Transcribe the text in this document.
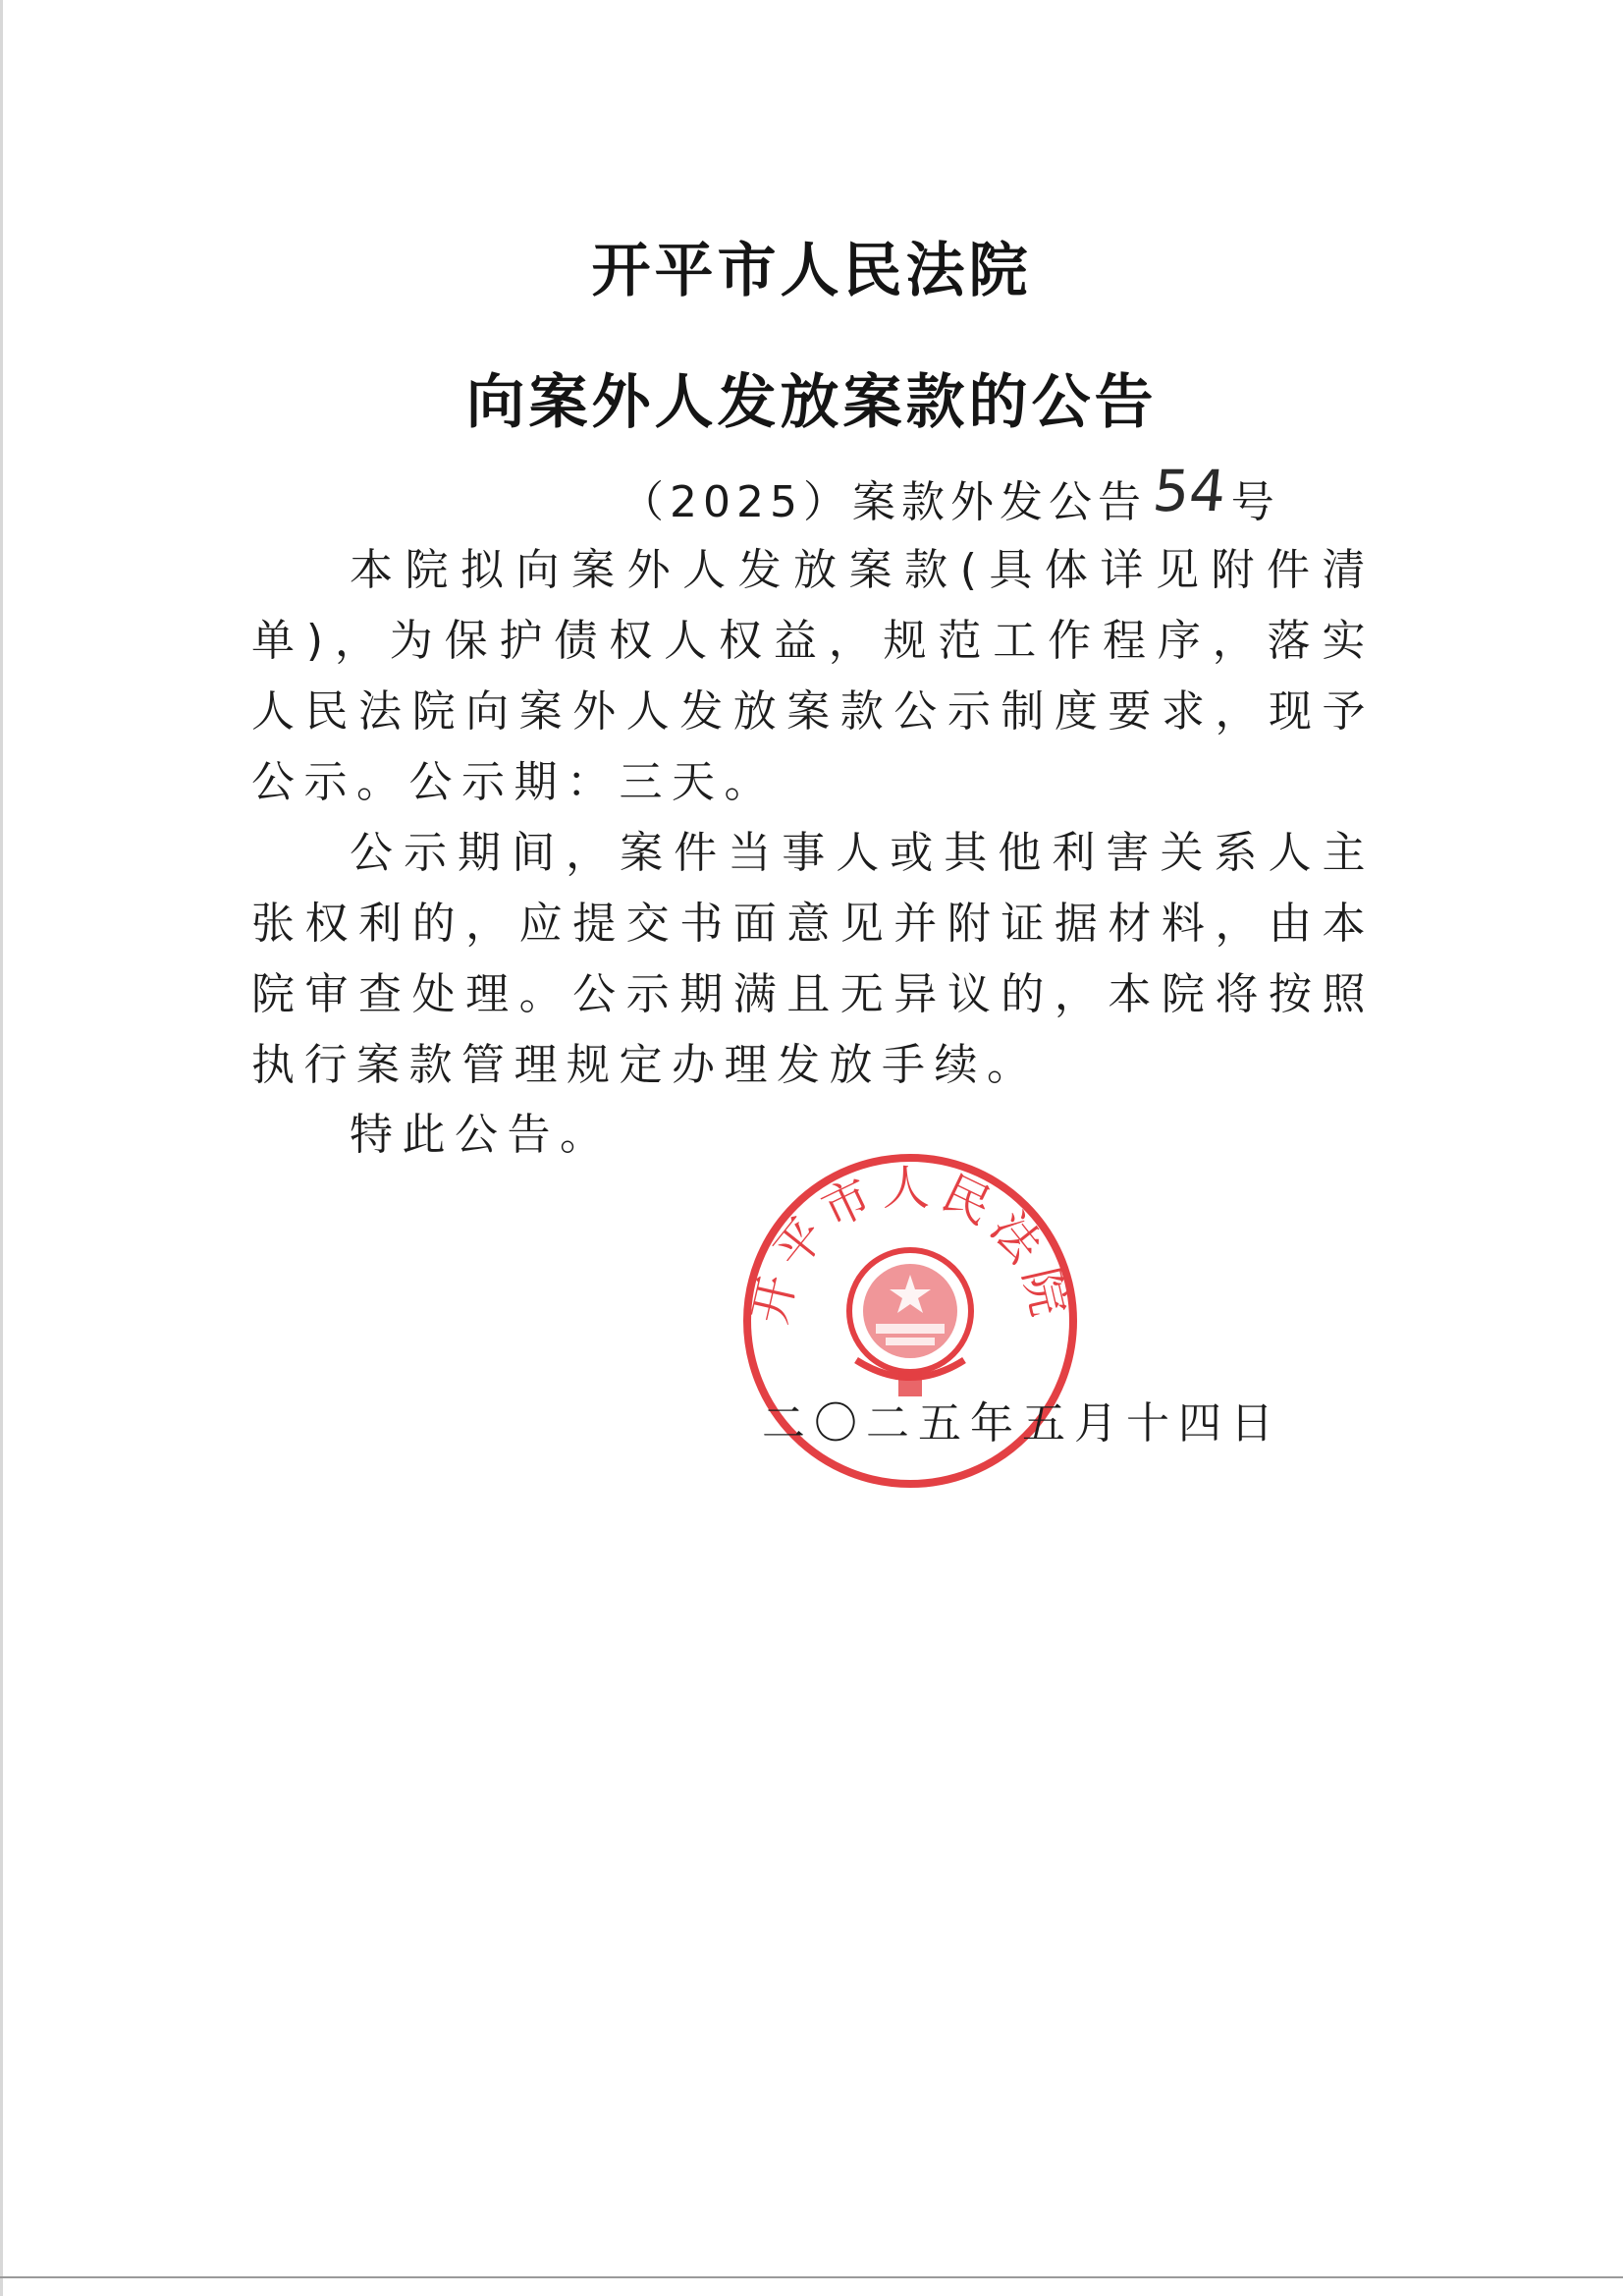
开平市人民法院
向案外人发放案款的公告
（2025）案款外发公告54号

本院拟向案外人发放案款(具体详见附件清单)，为保护债权人权益，规范工作程序，落实人民法院向案外人发放案款公示制度要求，现予公示。公示期：三天。

公示期间，案件当事人或其他利害关系人主张权利的，应提交书面意见并附证据材料，由本院审查处理。公示期满且无异议的，本院将按照执行案款管理规定办理发放手续。

特此公告。

开平市人民法院
二〇二五年五月十四日
